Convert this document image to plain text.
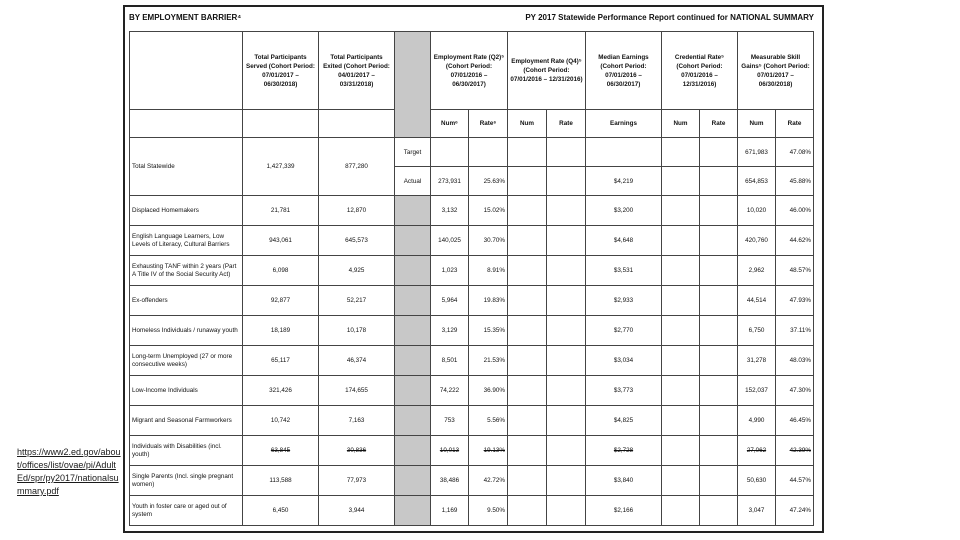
BY EMPLOYMENT BARRIER⁴	PY 2017 Statewide Performance Report continued for NATIONAL SUMMARY
	Total Participants Served (Cohort Period: 07/01/2017 – 06/30/2018)	Total Participants Exited (Cohort Period: 04/01/2017 – 03/31/2018)		Employment Rate (Q2)⁵ (Cohort Period: 07/01/2016 – 06/30/2017)		Employment Rate (Q4)⁵ (Cohort Period: 07/01/2016 – 12/31/2016)		Median Earnings (Cohort Period: 07/01/2016 – 06/30/2017)	Credential Rate⁵ (Cohort Period: 07/01/2016 – 12/31/2016)		Measurable Skill Gains⁵ (Cohort Period: 07/01/2017 – 06/30/2018)	
				Num⁶	Rate⁶	Num	Rate	Earnings	Num	Rate	Num	Rate
Total Statewide	1,427,339	877,280	Target								671,983	47.08%
			Actual	273,931	25.63%			$4,219			654,853	45.88%
Displaced Homemakers	21,781	12,870		3,132	15.02%			$3,200			10,020	46.00%
English Language Learners, Low Levels of Literacy, Cultural Barriers	943,061	645,573		140,025	30.70%			$4,648			420,760	44.62%
Exhausting TANF within 2 years (Part A Title IV of the Social Security Act)	6,098	4,925		1,023	8.91%			$3,531			2,962	48.57%
Ex-offenders	92,877	52,217		5,964	19.83%			$2,933			44,514	47.93%
Homeless Individuals / runaway youth	18,189	10,178		3,129	15.35%			$2,770			6,750	37.11%
Long-term Unemployed (27 or more consecutive weeks)	65,117	46,374		8,501	21.53%			$3,034			31,278	48.03%
Low-Income Individuals	321,426	174,655		74,222	36.90%			$3,773			152,037	47.30%
Migrant and Seasonal Farmworkers	10,742	7,163		753	5.56%			$4,825			4,990	46.45%
Individuals with Disabilities (incl. youth)	63,845	30,836		10,013	19.13%			$2,728			27,062	42.39%
Single Parents (Incl. single pregnant women)	113,588	77,973		38,486	42.72%			$3,840			50,630	44.57%
Youth in foster care or aged out of system	6,450	3,944		1,169	9.50%			$2,166			3,047	47.24%
https://www2.ed.gov/about/offices/list/ovae/pi/AdultEd/spr/py2017/nationalsummary.pdf
